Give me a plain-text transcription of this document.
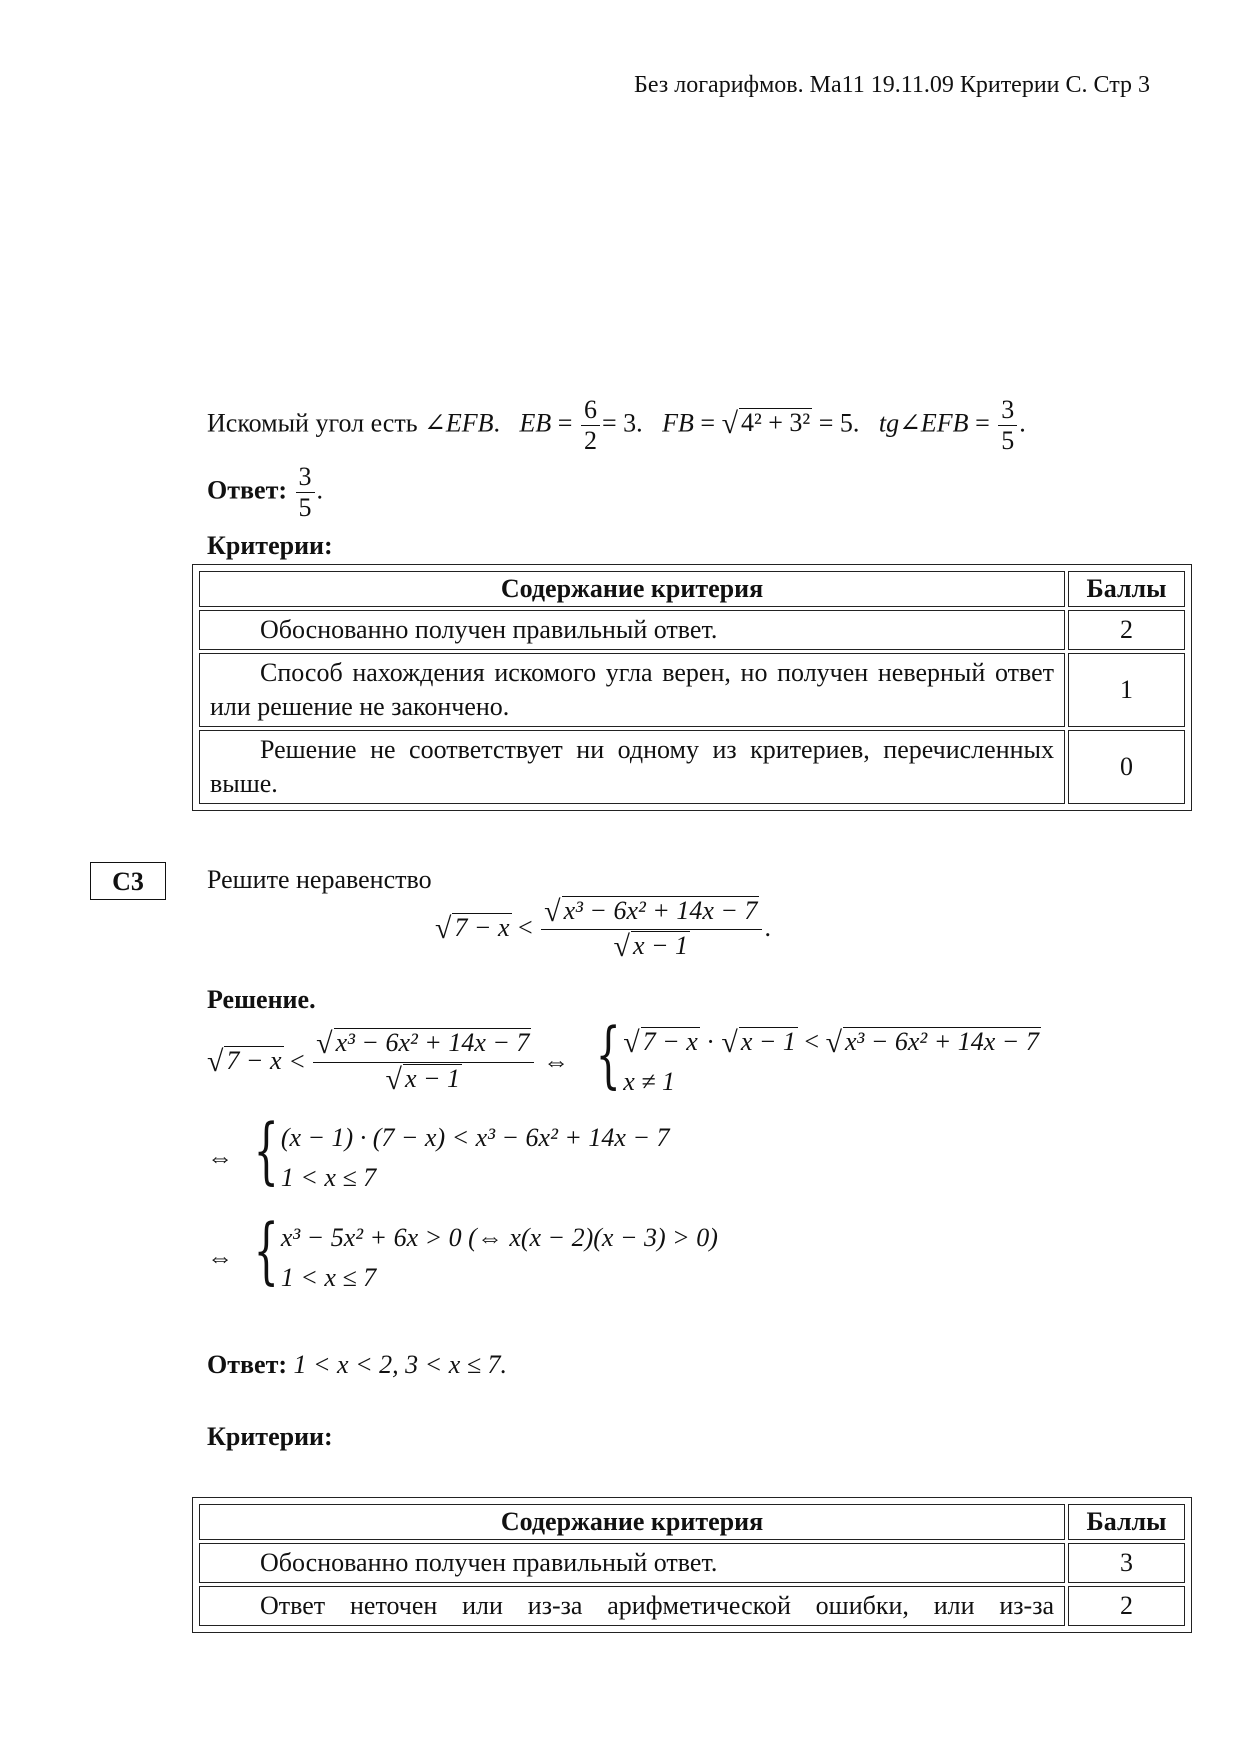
Без логарифмов. Ма11 19.11.09 Критерии С. Стр 3
Искомый угол есть ∠EFB.   EB = $\frac{6}{2} = 3$.   FB = √ 4² + 3² = 5.   tg∠EFB = $\frac{3}{5}$ .
Ответ: $\frac{3}{5}$ .
Критерии:
Содержание критерия	Баллы
Обоснованно получен правильный ответ.	2
Способ нахождения искомого угла верен, но получен неверный ответ или решение не закончено.	1
Решение не соответствует ни одному из критериев, перечисленных выше.	0
С3	Решите неравенство
√ $7 - x < \frac{\text{√ x³ − 6x² + 14x − 7}}{√ x - 1}$ .
Решение.
√ $7 - x < \frac{\text{√ x³ − 6x² + 14x − 7}}{√ x - 1}$ ⇔ { √ 7 − x · √ x − 1 < √ x³ − 6x² + 14x − 7
x ≠ 1
⇔ { (x − 1) · (7 − x) < x³ − 6x² + 14x − 7
1 < x ≤ 7
⇔ { x³ − 5x² + 6x > 0 (⇔ x(x − 2)(x − 3) > 0)
1 < x ≤ 7
Ответ: 1 < x < 2, 3 < x ≤ 7.
Критерии:
Содержание критерия	Баллы
Обоснованно получен правильный ответ.	3
Ответ неточен или из-за арифметической ошибки, или из-за	2
